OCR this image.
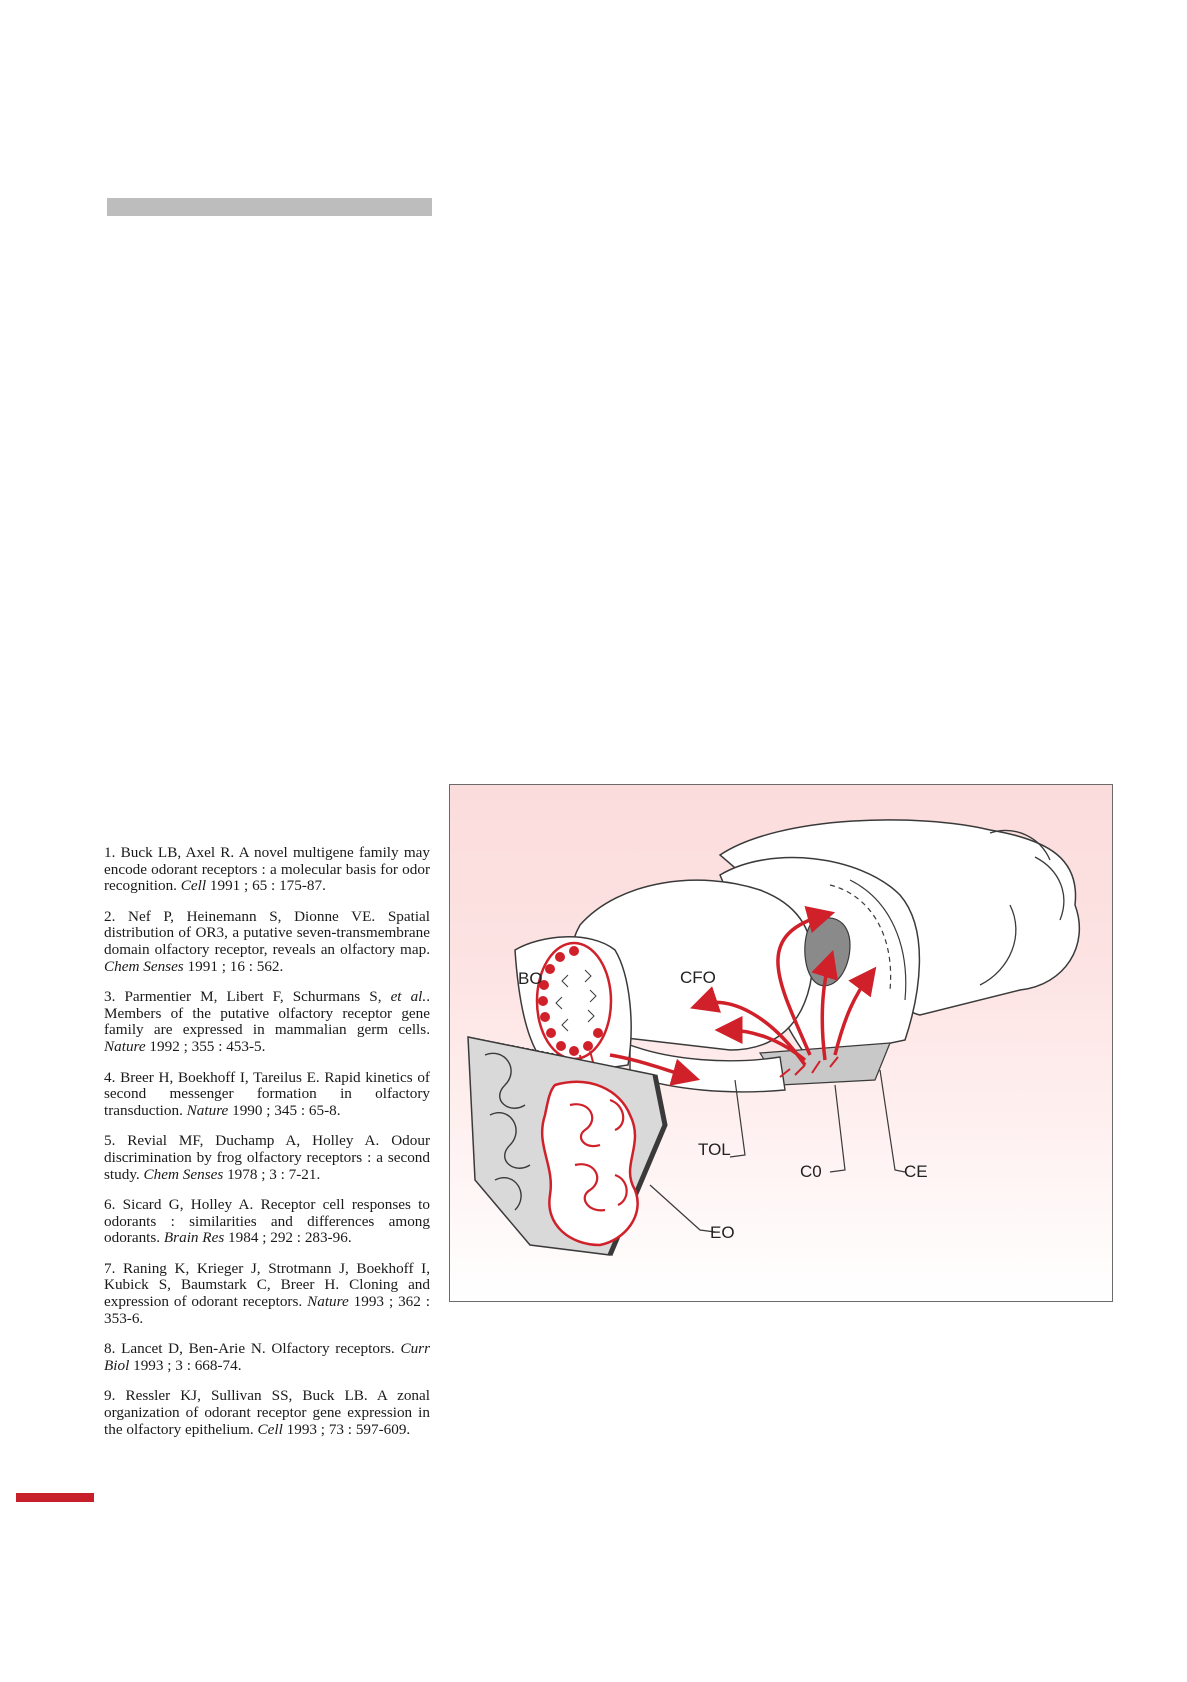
1. Buck LB, Axel R. A novel multigene family may encode odorant receptors : a molecular basis for odor recognition. Cell 1991 ; 65 : 175-87.

2. Nef P, Heinemann S, Dionne VE. Spatial distribution of OR3, a putative seven-transmembrane domain olfactory receptor, reveals an olfactory map. Chem Senses 1991 ; 16 : 562.

3. Parmentier M, Libert F, Schurmans S, et al.. Members of the putative olfactory receptor gene family are expressed in mammalian germ cells. Nature 1992 ; 355 : 453-5.

4. Breer H, Boekhoff I, Tareilus E. Rapid kinetics of second messenger formation in olfactory transduction. Nature 1990 ; 345 : 65-8.

5. Revial MF, Duchamp A, Holley A. Odour discrimination by frog olfactory receptors : a second study. Chem Senses 1978 ; 3 : 7-21.

6. Sicard G, Holley A. Receptor cell responses to odorants : similarities and differences among odorants. Brain Res 1984 ; 292 : 283-96.

7. Raning K, Krieger J, Strotmann J, Boekhoff I, Kubick S, Baumstark C, Breer H. Cloning and expression of odorant receptors. Nature 1993 ; 362 : 353-6.

8. Lancet D, Ben-Arie N. Olfactory receptors. Curr Biol 1993 ; 3 : 668-74.

9. Ressler KJ, Sullivan SS, Buck LB. A zonal organization of odorant receptor gene expression in the olfactory epithelium. Cell 1993 ; 73 : 597-609.

BO	CFO
TOL
C0	CE
EO
